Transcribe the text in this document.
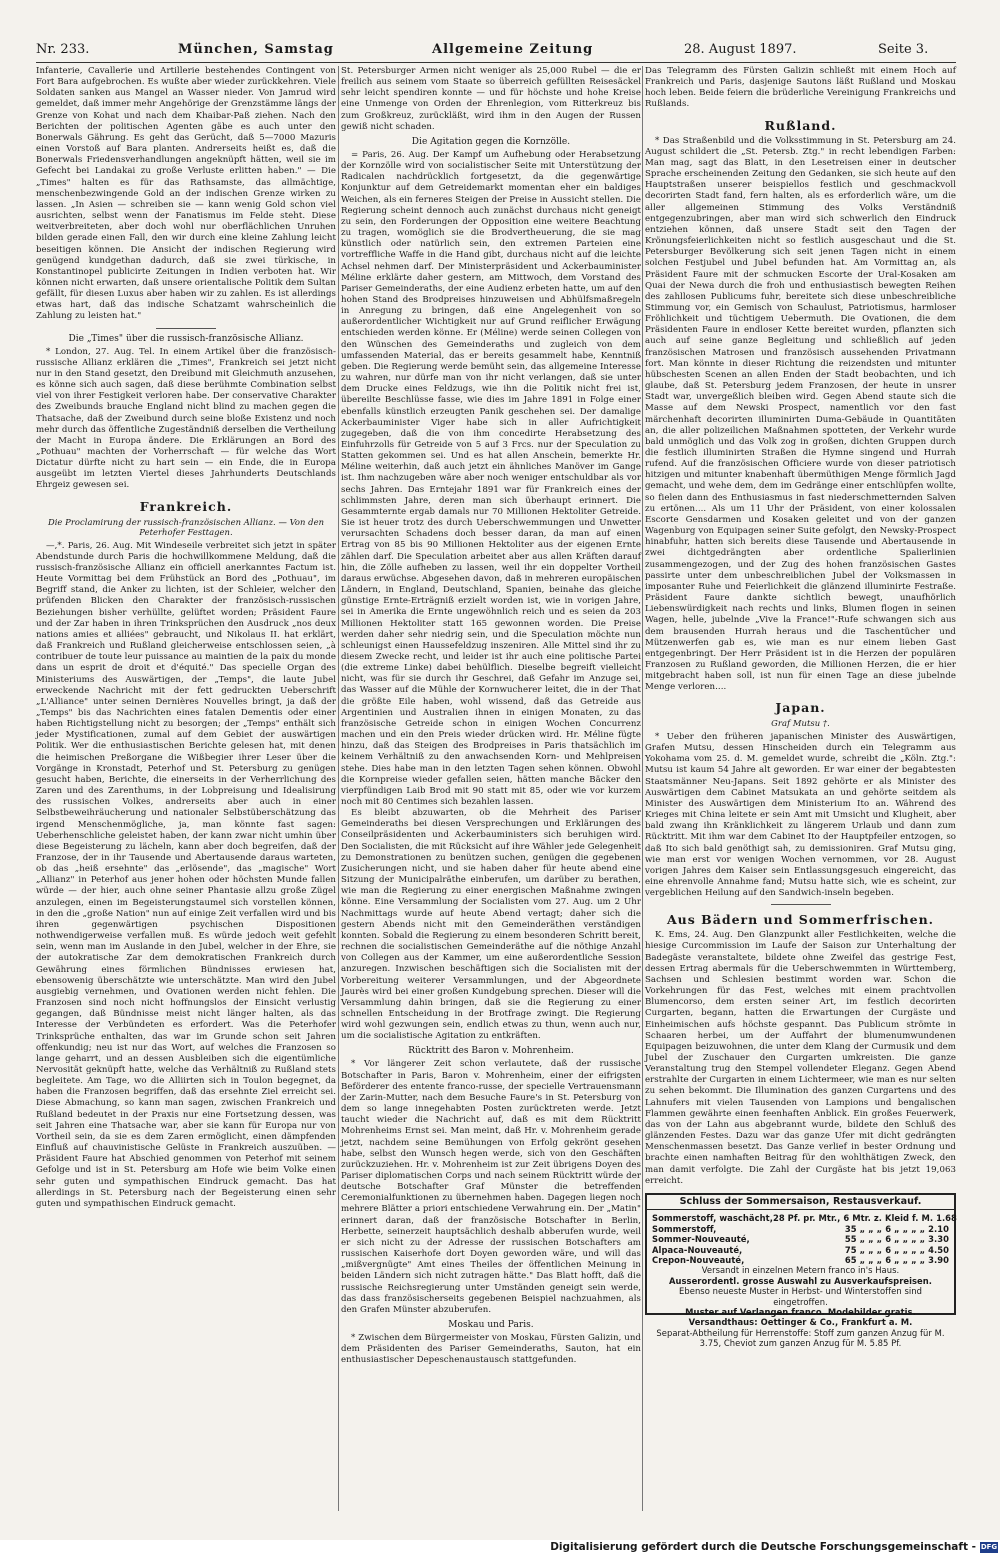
Nr. 233.	München, Samstag	Allgemeine Zeitung	28. August 1897.	Seite 3.

Infanterie, Cavallerie und Artillerie bestehendes Contingent von Fort Bara aufgebrochen. Es wußte aber wieder zurückkehren. Viele Soldaten sanken aus Mangel an Wasser nieder. Von Jamrud wird gemeldet, daß immer mehr Angehörige der Grenzstämme längs der Grenze von Kohat und nach dem Khaibar-Paß ziehen. Nach den Berichten der politischen Agenten gäbe es auch unter den Bonerwals Gährung. Es geht das Gerücht, daß 5—7000 Mazuris einen Vorstoß auf Bara planten. Andrerseits heißt es, daß die Bonerwals Friedensverhandlungen angeknüpft hätten, weil sie im Gefecht bei Landakai zu große Verluste erlitten haben." — Die „Times" halten es für das Rathsamste, das allmächtige, menschenbezwingende Gold an der indischen Grenze wirken zu lassen. „In Asien — schreiben sie — kann wenig Gold schon viel ausrichten, selbst wenn der Fanatismus im Felde steht. Diese weitverbreiteten, aber doch wohl nur oberflächlichen Unruhen bilden gerade einen Fall, den wir durch eine kleine Zahlung leicht beseitigen können. Die Ansicht der indischen Regierung wird genügend kundgethan dadurch, daß sie zwei türkische, in Konstantinopel publicirte Zeitungen in Indien verboten hat. Wir können nicht erwarten, daß unsere orientalische Politik dem Sultan gefällt, für diesen Luxus aber haben wir zu zahlen. Es ist allerdings etwas hart, daß das indische Schatzamt wahrscheinlich die Zahlung zu leisten hat."

Die „Times" über die russisch-französische Allianz.

* London, 27. Aug. Tel. In einem Artikel über die französisch-russische Allianz erklären die „Times", Frankreich sei jetzt nicht nur in den Stand gesetzt, den Dreibund mit Gleichmuth anzusehen, es könne sich auch sagen, daß diese berühmte Combination selbst viel von ihrer Festigkeit verloren habe. Der conservative Charakter des Zweibunds brauche England nicht blind zu machen gegen die Thatsache, daß der Zweibund durch seine bloße Existenz und noch mehr durch das öffentliche Zugeständniß derselben die Vertheilung der Macht in Europa ändere. Die Erklärungen an Bord des „Pothuau" machten der Vorherrschaft — für welche das Wort Dictatur dürfte nicht zu hart sein — ein Ende, die in Europa ausgeübt im letzten Viertel dieses Jahrhunderts Deutschlands Ehrgeiz gewesen sei.

Frankreich.
Die Proclamirung der russisch-französischen Allianz. — Von den Peterhofer Festtagen.

—,*. Paris, 26. Aug. Mit Windeseile verbreitet sich jetzt in später Abendstunde durch Paris die hochwillkommene Meldung, daß die russisch-französische Allianz ein officiell anerkanntes Factum ist. Heute Vormittag bei dem Frühstück an Bord des „Pothuau", im Begriff stand, die Anker zu lichten, ist der Schleier, welcher den prüfenden Blicken den Charakter der französisch-russischen Beziehungen bisher verhüllte, gelüftet worden; Präsident Faure und der Zar haben in ihren Trinksprüchen den Ausdruck „nos deux nations amies et alliées" gebraucht, und Nikolaus II. hat erklärt, daß Frankreich und Rußland gleicherweise entschlossen seien, „à contribuer de toute leur puissance au maintien de la paix du monde dans un esprit de droit et d'équité." Das specielle Organ des Ministeriums des Auswärtigen, der „Temps", die laute Jubel erweckende Nachricht mit der fett gedruckten Ueberschrift „L'Alliance" unter seinen Dernières Nouvelles bringt, ja daß der „Temps" bis das Nachrichten eines fatalen Dementis oder einer haben Richtigstellung nicht zu besorgen; der „Temps" enthält sich jeder Mystificationen, zumal auf dem Gebiet der auswärtigen Politik. Wer die enthusiastischen Berichte gelesen hat, mit denen die heimischen Preßorgane die Wißbegier ihrer Leser über die Vorgänge in Kronstadt, Peterhof und St. Petersburg zu genügen gesucht haben, Berichte, die einerseits in der Verherrlichung des Zaren und des Zarenthums, in der Lobpreisung und Idealisirung des russischen Volkes, andrerseits aber auch in einer Selbstbeweihräucherung und nationaler Selbstüberschätzung das irgend Menschenmögliche, ja, man könnte fast sagen: Ueberhenschliche geleistet haben, der kann zwar nicht umhin über diese Begeisterung zu lächeln, kann aber doch begreifen, daß der Franzose, der in ihr Tausende und Abertausende daraus warteten, ob das „heiß ersehnte" das „erlösende", das „magische" Wort „Allianz" in Peterhof aus jener hohen oder höchsten Munde fallen würde — der hier, auch ohne seiner Phantasie allzu große Zügel anzulegen, einen im Begeisterungstaumel sich vorstellen können, in den die „große Nation" nun auf einige Zeit verfallen wird und bis ihren gegenwärtigen psychischen Dispositionen nothwendigerweise verfallen muß. Es würde jedoch weit gefehlt sein, wenn man im Auslande in den Jubel, welcher in der Ehre, sie der autokratische Zar dem demokratischen Frankreich durch Gewährung eines förmlichen Bündnisses erwiesen hat, ebensowenig überschätzte wie unterschätzte. Man wird den Jubel ausgiebig vernehmen, und Ovationen werden nicht fehlen. Die Franzosen sind noch nicht hoffnungslos der Einsicht verlustig gegangen, daß Bündnisse meist nicht länger halten, als das Interesse der Verbündeten es erfordert. Was die Peterhofer Trinksprüche enthalten, das war im Grunde schon seit Jahren offenkundig; neu ist nur das Wort, auf welches die Franzosen so lange geharrt, und an dessen Ausbleiben sich die eigentümliche Nervosität geknüpft hatte, welche das Verhältniß zu Rußland stets begleitete. Am Tage, wo die Alliirten sich in Toulon begegnet, da haben die Franzosen begriffen, daß das ersehnte Ziel erreicht sei. Diese Abmachung, so kann man sagen, zwischen Frankreich und Rußland bedeutet in der Praxis nur eine Fortsetzung dessen, was seit Jahren eine Thatsache war, aber sie kann für Europa nur von Vortheil sein, da sie es dem Zaren ermöglicht, einen dämpfenden Einfluß auf chauvinistische Gelüste in Frankreich auszuüben. — Präsident Faure hat Abschied genommen von Peterhof mit seinem Gefolge und ist in St. Petersburg am Hofe wie beim Volke einen sehr guten und sympathischen Eindruck gemacht. Das hat allerdings in St. Petersburg nach der Begeisterung einen sehr guten und sympathischen Eindruck gemacht.

St. Petersburger Armen nicht weniger als 25,000 Rubel — die er freilich aus seinem vom Staate so überreich gefüllten Reisesäckel sehr leicht spendiren konnte — und für höchste und hohe Kreise eine Unmenge von Orden der Ehrenlegion, vom Ritterkreuz bis zum Großkreuz, zurückläßt, wird ihm in den Augen der Russen gewiß nicht schaden.

Die Agitation gegen die Kornzölle.

= Paris, 26. Aug. Der Kampf um Aufhebung oder Herabsetzung der Kornzölle wird von socialistischer Seite mit Unterstützung der Radicalen nachdrücklich fortgesetzt, da die gegenwärtige Konjunktur auf dem Getreidemarkt momentan eher ein baldiges Weichen, als ein ferneres Steigen der Preise in Aussicht stellen. Die Regierung scheint dennoch auch zunächst durchaus nicht geneigt zu sein, den Forderungen der Opposition eine weitere Beachtung zu tragen, womöglich sie die Brodvertheuerung, die sie mag künstlich oder natürlich sein, den extremen Parteien eine vortreffliche Waffe in die Hand gibt, durchaus nicht auf die leichte Achsel nehmen darf. Der Ministerpräsident und Ackerbauminister Méline erklärte daher gestern, am Mittwoch, dem Vorstand des Pariser Gemeinderaths, der eine Audienz erbeten hatte, um auf den hohen Stand des Brodpreises hinzuweisen und Abhülfsmaßregeln in Anregung zu bringen, daß eine Angelegenheit von so außerordentlicher Wichtigkeit nur auf Grund reiflicher Erwägung entschieden werden könne. Er (Méline) werde seinen Collegen von den Wünschen des Gemeinderaths und zugleich von dem umfassenden Material, das er bereits gesammelt habe, Kenntniß geben. Die Regierung werde bemüht sein, das allgemeine Interesse zu wahren, nur dürfe man von ihr nicht verlangen, daß sie unter dem Drucke eines Feldzugs, wie ihn die Politik nicht frei ist, übereilte Beschlüsse fasse, wie dies im Jahre 1891 in Folge einer ebenfalls künstlich erzeugten Panik geschehen sei. Der damalige Ackerbauminister Viger habe sich in aller Aufrichtigkeit zugegeben, daß die von ihm concedirte Herabsetzung des Einfuhrzolls für Getreide von 5 auf 3 Frcs. nur der Speculation zu Statten gekommen sei. Und es hat allen Anschein, bemerkte Hr. Méline weiterhin, daß auch jetzt ein ähnliches Manöver im Gange ist. Ihm nachzugeben wäre aber noch weniger entschuldbar als vor sechs Jahren. Das Erntejahr 1891 war für Frankreich eines der schlimmsten Jahre, deren man sich überhaupt erinnert. Die Gesammternte ergab damals nur 70 Millionen Hektoliter Getreide. Sie ist heuer trotz des durch Ueberschwemmungen und Unwetter verursachten Schadens doch besser daran, da man auf einen Ertrag von 85 bis 90 Millionen Hektoliter aus der eigenen Ernte zählen darf. Die Speculation arbeitet aber aus allen Kräften darauf hin, die Zölle aufheben zu lassen, weil ihr ein doppelter Vortheil daraus erwüchse. Abgesehen davon, daß in mehreren europäischen Ländern, in England, Deutschland, Spanien, beinahe das gleiche günstige Ernte-Erträgniß erzielt worden ist, wie in vorigen Jahre, sei in Amerika die Ernte ungewöhnlich reich und es seien da 203 Millionen Hektoliter statt 165 gewonnen worden. Die Preise werden daher sehr niedrig sein, und die Speculation möchte nun schleunigst einen Haussefeldzug inszeniren. Alle Mittel sind ihr zu diesem Zwecke recht, und leider ist ihr auch eine politische Partei (die extreme Linke) dabei behülflich. Dieselbe begreift vielleicht nicht, was für sie durch ihr Geschrei, daß Gefahr im Anzuge sei, das Wasser auf die Mühle der Kornwucherer leitet, die in der That die größte Eile haben, wohl wissend, daß das Getreide aus Argentinien und Australien ihnen in einigen Monaten, zu das französische Getreide schon in einigen Wochen Concurrenz machen und ein den Preis wieder drücken wird. Hr. Méline fügte hinzu, daß das Steigen des Brodpreises in Paris thatsächlich im keinem Verhältniß zu den anwachsenden Korn- und Mehlpreisen stehe. Dies habe man in den letzten Tagen sehen können. Obwohl die Kornpreise wieder gefallen seien, hätten manche Bäcker den vierpfündigen Laib Brod mit 90 statt mit 85, oder wie vor kurzem noch mit 80 Centimes sich bezahlen lassen.

Es bleibt abzuwarten, ob die Mehrheit des Pariser Gemeinderaths bei diesen Versprechungen und Erklärungen des Conseilpräsidenten und Ackerbauministers sich beruhigen wird. Den Socialisten, die mit Rücksicht auf ihre Wähler jede Gelegenheit zu Demonstrationen zu benützen suchen, genügen die gegebenen Zusicherungen nicht, und sie haben daher für heute abend eine Sitzung der Municipalräthe einberufen, um darüber zu berathen, wie man die Regierung zu einer energischen Maßnahme zwingen könne. Eine Versammlung der Socialisten vom 27. Aug. um 2 Uhr Nachmittags wurde auf heute Abend vertagt; daher sich die gestern Abends nicht mit den Gemeinderäthen verständigen konnten. Sobald die Regierung zu einem besonderen Schritt bereit, rechnen die socialistischen Gemeinderäthe auf die nöthige Anzahl von Collegen aus der Kammer, um eine außerordentliche Session anzuregen. Inzwischen beschäftigen sich die Socialisten mit der Vorbereitung weiterer Versammlungen, und der Abgeordnete Jaurès wird bei einer großen Kundgebung sprechen. Dieser will die Versammlung dahin bringen, daß sie die Regierung zu einer schnellen Entscheidung in der Brotfrage zwingt. Die Regierung wird wohl gezwungen sein, endlich etwas zu thun, wenn auch nur, um die socialistische Agitation zu entkräften.

Rücktritt des Baron v. Mohrenheim.

* Vor längerer Zeit schon verlautete, daß der russische Botschafter in Paris, Baron v. Mohrenheim, einer der eifrigsten Beförderer des entente franco-russe, der specielle Vertrauensmann der Zarin-Mutter, nach dem Besuche Faure's in St. Petersburg von dem so lange innegehabten Posten zurücktreten werde. Jetzt taucht wieder die Nachricht auf, daß es mit dem Rücktritt Mohrenheims Ernst sei. Man meint, daß Hr. v. Mohrenheim gerade jetzt, nachdem seine Bemühungen von Erfolg gekrönt gesehen habe, selbst den Wunsch hegen werde, sich von den Geschäften zurückzuziehen. Hr. v. Mohrenheim ist zur Zeit übrigens Doyen des Pariser diplomatischen Corps und nach seinem Rücktritt würde der deutsche Botschafter Graf Münster die betreffenden Ceremonialfunktionen zu übernehmen haben. Dagegen liegen noch mehrere Blätter a priori entschiedene Verwahrung ein. Der „Matin" erinnert daran, daß der französische Botschafter in Berlin, Herbette, seinerzeit hauptsächlich deshalb abberufen wurde, weil er sich nicht zu der Adresse der russischen Botschafters am russischen Kaiserhofe dort Doyen geworden wäre, und will das „mißvergnügte" Amt eines Theiles der öffentlichen Meinung in beiden Ländern sich nicht zutragen hätte." Das Blatt hofft, daß die russische Reichsregierung unter Umständen geneigt sein werde, das dass französischerseits gegebenen Beispiel nachzuahmen, als den Grafen Münster abzuberufen.

Moskau und Paris.

* Zwischen dem Bürgermeister von Moskau, Fürsten Galizin, und dem Präsidenten des Pariser Gemeinderaths, Sauton, hat ein enthusiastischer Depeschenaustausch stattgefunden.

Das Telegramm des Fürsten Galizin schließt mit einem Hoch auf Frankreich und Paris, dasjenige Sautons läßt Rußland und Moskau hoch leben. Beide feiern die brüderliche Vereinigung Frankreichs und Rußlands.

Rußland.

* Das Straßenbild und die Volksstimmung in St. Petersburg am 24. August schildert die „St. Petersb. Ztg." in recht lebendigen Farben: Man mag, sagt das Blatt, in den Lesetreisen einer in deutscher Sprache erscheinenden Zeitung den Gedanken, sie sich heute auf den Hauptstraßen unserer beispiellos festlich und geschmackvoll decorirten Stadt fand, fern halten, als es erforderlich wäre, um die aller allgemeinen Stimmung des Volks Verständniß entgegenzubringen, aber man wird sich schwerlich den Eindruck entziehen können, daß unsere Stadt seit den Tagen der Krönungsfeierlichkeiten nicht so festlich ausgeschaut und die St. Petersburger Bevölkerung sich seit jenen Tagen nicht in einem solchen Festjubel und Jubel befunden hat. Am Vormittag an, als Präsident Faure mit der schmucken Escorte der Ural-Kosaken am Quai der Newa durch die froh und enthusiastisch bewegten Reihen des zahllosen Publicums fuhr, bereitete sich diese unbeschreibliche Stimmung vor, ein Gemisch von Schaulust, Patriotismus, harmloser Fröhlichkeit und tüchtigem Uebermuth. Die Ovationen, die dem Präsidenten Faure in endloser Kette bereitet wurden, pflanzten sich auch auf seine ganze Begleitung und schließlich auf jeden französischen Matrosen und französisch aussehenden Privatmann fort. Man könnte in dieser Richtung die reizendsten und mitunter hübschesten Scenen an allen Enden der Stadt beobachten, und ich glaube, daß St. Petersburg jedem Franzosen, der heute in unsrer Stadt war, unvergeßlich bleiben wird. Gegen Abend staute sich die Masse auf dem Newski Prospect, namentlich vor den fast märchenhaft decorirten illuminirten Duma-Gebäude in Quantitäten an, die aller polizeilichen Maßnahmen spotteten, der Verkehr wurde bald unmöglich und das Volk zog in großen, dichten Gruppen durch die festlich illuminirten Straßen die Hymne singend und Hurrah rufend. Auf die französischen Officiere wurde von dieser patriotisch hitzigen und mitunter knabenhaft übermüthigen Menge förmlich Jagd gemacht, und wehe dem, dem im Gedränge einer entschlüpfen wollte, so fielen dann des Enthusiasmus in fast niederschmetternden Salven zu ertönen.... Als um 11 Uhr der Präsident, von einer kolossalen Escorte Gensdarmen und Kosaken geleitet und von der ganzen Wagenburg von Equipagen seiner Suite gefolgt, den Newsky-Prospect hinabfuhr, hatten sich bereits diese Tausende und Abertausende in zwei dichtgedrängten aber ordentliche Spalierlinien zusammengezogen, und der Zug des hohen französischen Gastes passirte unter dem unbeschreiblichen Jubel der Volksmassen in imposanter Ruhe und Feierlichkeit die glänzend illuminirte Festraße. Präsident Faure dankte sichtlich bewegt, unaufhörlich Liebenswürdigkeit nach rechts und links, Blumen flogen in seinen Wagen, helle, jubelnde „Vive la France!"-Rufe schwangen sich aus dem brausenden Hurrah heraus und die Taschentücher und Mützenwerfen gab es, wie man es nur einem lieben Gast entgegenbringt. Der Herr Präsident ist in die Herzen der populären Franzosen zu Rußland geworden, die Millionen Herzen, die er hier mitgebracht haben soll, ist nun für einen Tage an diese jubelnde Menge verloren....

Japan.
Graf Mutsu †.

* Ueber den früheren japanischen Minister des Auswärtigen, Grafen Mutsu, dessen Hinscheiden durch ein Telegramm aus Yokohama vom 25. d. M. gemeldet wurde, schreibt die „Köln. Ztg.": Mutsu ist kaum 54 Jahre alt geworden. Er war einer der begabtesten Staatsmänner Neu-Japans. Seit 1892 gehörte er als Minister des Auswärtigen dem Cabinet Matsukata an und gehörte seitdem als Minister des Auswärtigen dem Ministerium Ito an. Während des Krieges mit China leitete er sein Amt mit Umsicht und Klugheit, aber bald zwang ihn Kränklichkeit zu längerem Urlaub und dann zum Rücktritt. Mit ihm war dem Cabinet Ito der Hauptpfeiler entzogen, so daß Ito sich bald genöthigt sah, zu demissioniren. Graf Mutsu ging, wie man erst vor wenigen Wochen vernommen, vor 28. August vorigen Jahres dem Kaiser sein Entlassungsgesuch eingereicht, das eine ehrenvolle Annahme fand; Mutsu hatte sich, wie es scheint, zur vergeblichen Heilung auf den Sandwich-inseln begeben.

Aus Bädern und Sommerfrischen.

K. Ems, 24. Aug. Den Glanzpunkt aller Festlichkeiten, welche die hiesige Curcommission im Laufe der Saison zur Unterhaltung der Badegäste veranstaltete, bildete ohne Zweifel das gestrige Fest, dessen Ertrag abermals für die Ueberschwemmten in Württemberg, Sachsen und Schlesien bestimmt worden war. Schon die Vorkehrungen für das Fest, welches mit einem prachtvollen Blumencorso, dem ersten seiner Art, im festlich decorirten Curgarten, begann, hatten die Erwartungen der Curgäste und Einheimischen aufs höchste gespannt. Das Publicum strömte in Schaaren herbei, um der Auffahrt der blumenumwundenen Equipagen beizuwohnen, die unter dem Klang der Curmusik und dem Jubel der Zuschauer den Curgarten umkreisten. Die ganze Veranstaltung trug den Stempel vollendeter Eleganz. Gegen Abend erstrahlte der Curgarten in einem Lichtermeer, wie man es nur selten zu sehen bekommt. Die Illumination des ganzen Curgartens und des Lahnufers mit vielen Tausenden von Lampions und bengalischen Flammen gewährte einen feenhaften Anblick. Ein großes Feuerwerk, das von der Lahn aus abgebrannt wurde, bildete den Schluß des glänzenden Festes. Dazu war das ganze Ufer mit dicht gedrängten Menschenmassen besetzt. Das Ganze verlief in bester Ordnung und brachte einen namhaften Beitrag für den wohlthätigen Zweck, den man damit verfolgte. Die Zahl der Curgäste hat bis jetzt 19,063 erreicht.

Schluss der Sommersaison, Restausverkauf.
Sommerstoff, waschächt, 28 Pf. pr. Mtr., 6 Mtr. z. Kleid f. M. 1.68
Sommerstoff,	35 „ „ „ 6 „ „ „ „ 2.10
Sommer-Nouveauté,	55 „ „ „ 6 „ „ „ „ 3.30
Alpaca-Nouveauté,	75 „ „ „ 6 „ „ „ „ 4.50
Crepon-Nouveauté,	65 „ „ „ 6 „ „ „ „ 3.90
Versandt in einzelnen Metern franco in's Haus.
Ausserordentl. grosse Auswahl zu Ausverkaufspreisen.
Ebenso neueste Muster in Herbst- und Winterstoffen sind eingetroffen.
Muster auf Verlangen franco. Modebilder gratis.
Versandthaus: Oettinger & Co., Frankfurt a. M.
Separat-Abtheilung für Herrenstoffe: Stoff zum ganzen Anzug für M. 3.75, Cheviot zum ganzen Anzug für M. 5.85 Pf.
Digitalisierung gefördert durch die Deutsche Forschungsgemeinschaft - DFG
